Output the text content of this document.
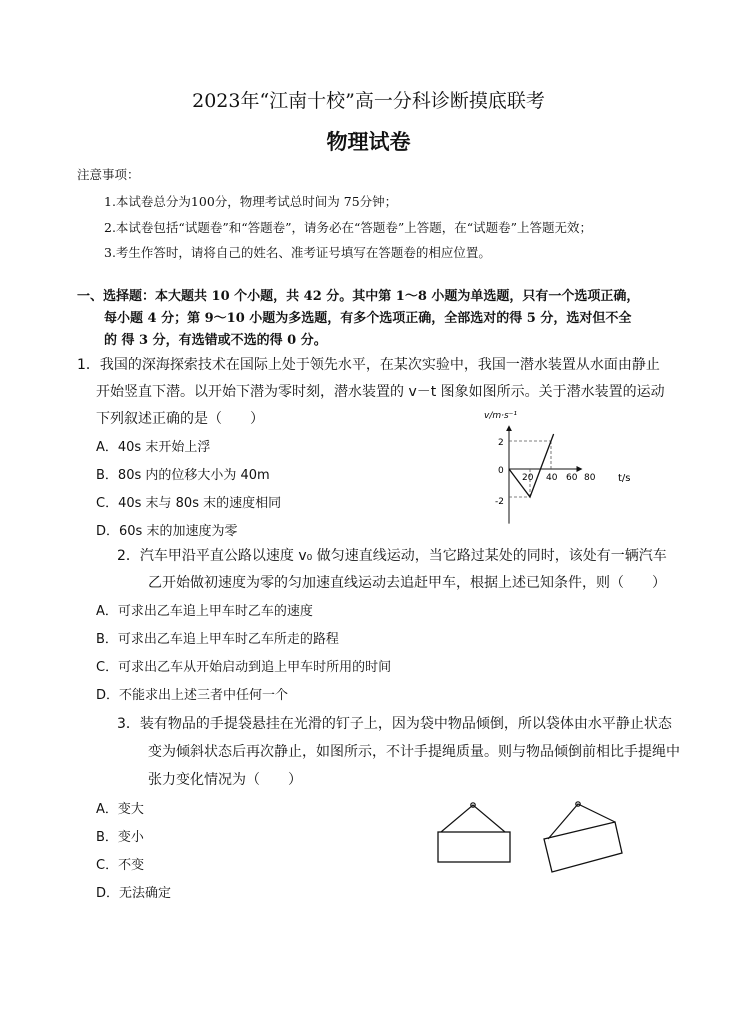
2023年“江南十校”高一分科诊断摸底联考
物理试卷
注意事项：
1.本试卷总分为100分，物理考试总时间为 75分钟；
2.本试卷包括“试题卷”和“答题卷”，请务必在“答题卷”上答题，在“试题卷”上答题无效；
3.考生作答时，请将自己的姓名、准考证号填写在答题卷的相应位置。
一、选择题：本大题共 10 个小题，共 42 分。其中第 1～8 小题为单选题，只有一个选项正确，
每小题 4 分；第 9～10 小题为多选题，有多个选项正确，全部选对的得 5 分，选对但不全
的 得 3 分，有选错或不选的得 0 分。
1．我国的深海探索技术在国际上处于领先水平，在某次实验中，我国一潜水装置从水面由静止
开始竖直下潜。以开始下潜为零时刻，潜水装置的 v－t 图象如图所示。关于潜水装置的运动
下列叙述正确的是（　　）
A．40s 末开始上浮
B．80s 内的位移大小为 40m
C．40s 末与 80s 末的速度相同
D．60s 末的加速度为零
v/m·s⁻¹
t/s
20 40 60 80
2
0
-2
2．汽车甲沿平直公路以速度 v₀ 做匀速直线运动，当它路过某处的同时，该处有一辆汽车
乙开始做初速度为零的匀加速直线运动去追赶甲车，根据上述已知条件，则（　　）
A．可求出乙车追上甲车时乙车的速度
B．可求出乙车追上甲车时乙车所走的路程
C．可求出乙车从开始启动到追上甲车时所用的时间
D．不能求出上述三者中任何一个
3．装有物品的手提袋悬挂在光滑的钉子上，因为袋中物品倾倒，所以袋体由水平静止状态
变为倾斜状态后再次静止，如图所示，不计手提绳质量。则与物品倾倒前相比手提绳中
张力变化情况为（　　）
A．变大
B．变小
C．不变
D．无法确定
